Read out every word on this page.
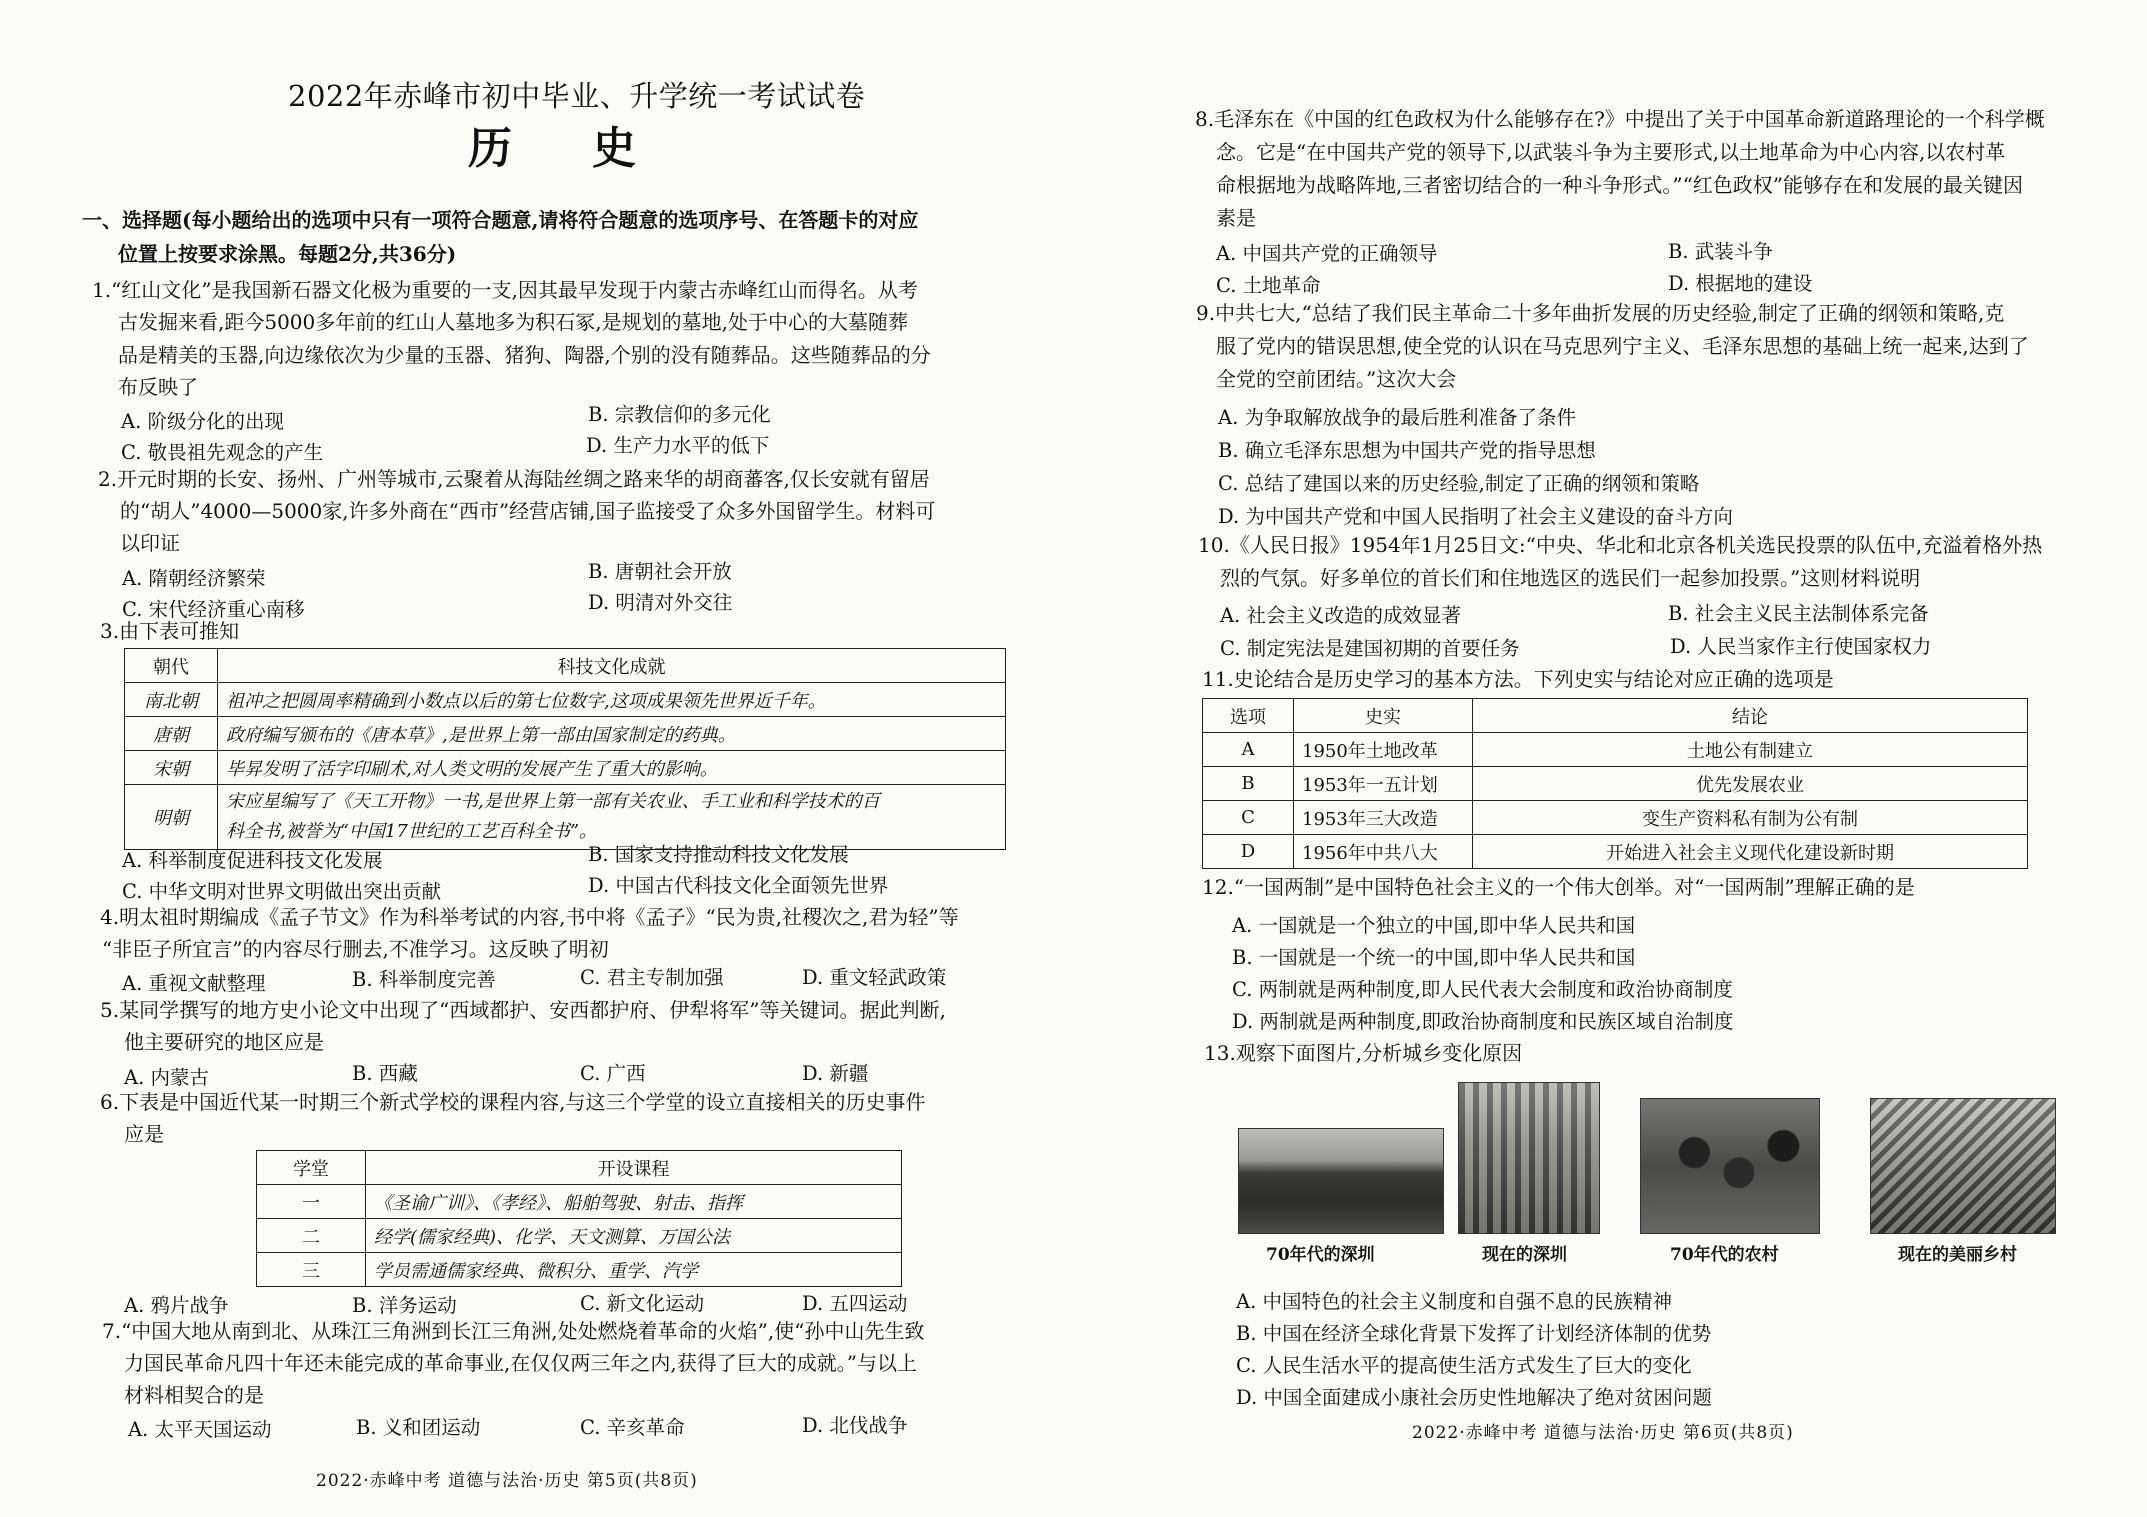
2022年赤峰市初中毕业、升学统一考试试卷
历史
一、选择题(每小题给出的选项中只有一项符合题意,请将符合题意的选项序号、在答题卡的对应
位置上按要求涂黑。每题2分,共36分)
1.“红山文化”是我国新石器文化极为重要的一支,因其最早发现于内蒙古赤峰红山而得名。从考
古发掘来看,距今5000多年前的红山人墓地多为积石冢,是规划的墓地,处于中心的大墓随葬
品是精美的玉器,向边缘依次为少量的玉器、猪狗、陶器,个别的没有随葬品。这些随葬品的分
布反映了
A. 阶级分化的出现	B. 宗教信仰的多元化
C. 敬畏祖先观念的产生	D. 生产力水平的低下
2.开元时期的长安、扬州、广州等城市,云聚着从海陆丝绸之路来华的胡商蕃客,仅长安就有留居
的“胡人”4000—5000家,许多外商在“西市”经营店铺,国子监接受了众多外国留学生。材料可
以印证
A. 隋朝经济繁荣	B. 唐朝社会开放
C. 宋代经济重心南移	D. 明清对外交往
3.由下表可推知
朝代	科技文化成就
南北朝	祖冲之把圆周率精确到小数点以后的第七位数字,这项成果领先世界近千年。
唐朝	政府编写颁布的《唐本草》,是世界上第一部由国家制定的药典。
宋朝	毕昇发明了活字印刷术,对人类文明的发展产生了重大的影响。
明朝	宋应星编写了《天工开物》一书,是世界上第一部有关农业、手工业和科学技术的百
科全书,被誉为“中国17世纪的工艺百科全书”。
A. 科举制度促进科技文化发展	B. 国家支持推动科技文化发展
C. 中华文明对世界文明做出突出贡献	D. 中国古代科技文化全面领先世界
4.明太祖时期编成《孟子节文》作为科举考试的内容,书中将《孟子》“民为贵,社稷次之,君为轻”等
“非臣子所宜言”的内容尽行删去,不准学习。这反映了明初
A. 重视文献整理	B. 科举制度完善	C. 君主专制加强	D. 重文轻武政策
5.某同学撰写的地方史小论文中出现了“西域都护、安西都护府、伊犁将军”等关键词。据此判断,
他主要研究的地区应是
A. 内蒙古	B. 西藏	C. 广西	D. 新疆
6.下表是中国近代某一时期三个新式学校的课程内容,与这三个学堂的设立直接相关的历史事件
应是
学堂	开设课程
一	《圣谕广训》、《孝经》、船舶驾驶、射击、指挥
二	经学(儒家经典)、化学、天文测算、万国公法
三	学员需通儒家经典、微积分、重学、汽学
A. 鸦片战争	B. 洋务运动	C. 新文化运动	D. 五四运动
7.“中国大地从南到北、从珠江三角洲到长江三角洲,处处燃烧着革命的火焰”,使“孙中山先生致
力国民革命凡四十年还未能完成的革命事业,在仅仅两三年之内,获得了巨大的成就。”与以上
材料相契合的是
A. 太平天国运动	B. 义和团运动	C. 辛亥革命	D. 北伐战争
2022·赤峰中考 道德与法治·历史 第5页(共8页)
8.毛泽东在《中国的红色政权为什么能够存在?》中提出了关于中国革命新道路理论的一个科学概
念。它是“在中国共产党的领导下,以武装斗争为主要形式,以土地革命为中心内容,以农村革
命根据地为战略阵地,三者密切结合的一种斗争形式。”“红色政权”能够存在和发展的最关键因
素是
A. 中国共产党的正确领导	B. 武装斗争
C. 土地革命	D. 根据地的建设
9.中共七大,“总结了我们民主革命二十多年曲折发展的历史经验,制定了正确的纲领和策略,克
服了党内的错误思想,使全党的认识在马克思列宁主义、毛泽东思想的基础上统一起来,达到了
全党的空前团结。”这次大会
A. 为争取解放战争的最后胜利准备了条件
B. 确立毛泽东思想为中国共产党的指导思想
C. 总结了建国以来的历史经验,制定了正确的纲领和策略
D. 为中国共产党和中国人民指明了社会主义建设的奋斗方向
10.《人民日报》1954年1月25日文:“中央、华北和北京各机关选民投票的队伍中,充溢着格外热
烈的气氛。好多单位的首长们和住地选区的选民们一起参加投票。”这则材料说明
A. 社会主义改造的成效显著	B. 社会主义民主法制体系完备
C. 制定宪法是建国初期的首要任务	D. 人民当家作主行使国家权力
11.史论结合是历史学习的基本方法。下列史实与结论对应正确的选项是
选项	史实	结论
A	1950年土地改革	土地公有制建立
B	1953年一五计划	优先发展农业
C	1953年三大改造	变生产资料私有制为公有制
D	1956年中共八大	开始进入社会主义现代化建设新时期
12.“一国两制”是中国特色社会主义的一个伟大创举。对“一国两制”理解正确的是
A. 一国就是一个独立的中国,即中华人民共和国
B. 一国就是一个统一的中国,即中华人民共和国
C. 两制就是两种制度,即人民代表大会制度和政治协商制度
D. 两制就是两种制度,即政治协商制度和民族区域自治制度
13.观察下面图片,分析城乡变化原因
70年代的深圳	现在的深圳	70年代的农村	现在的美丽乡村
A. 中国特色的社会主义制度和自强不息的民族精神
B. 中国在经济全球化背景下发挥了计划经济体制的优势
C. 人民生活水平的提高使生活方式发生了巨大的变化
D. 中国全面建成小康社会历史性地解决了绝对贫困问题
2022·赤峰中考 道德与法治·历史 第6页(共8页)
